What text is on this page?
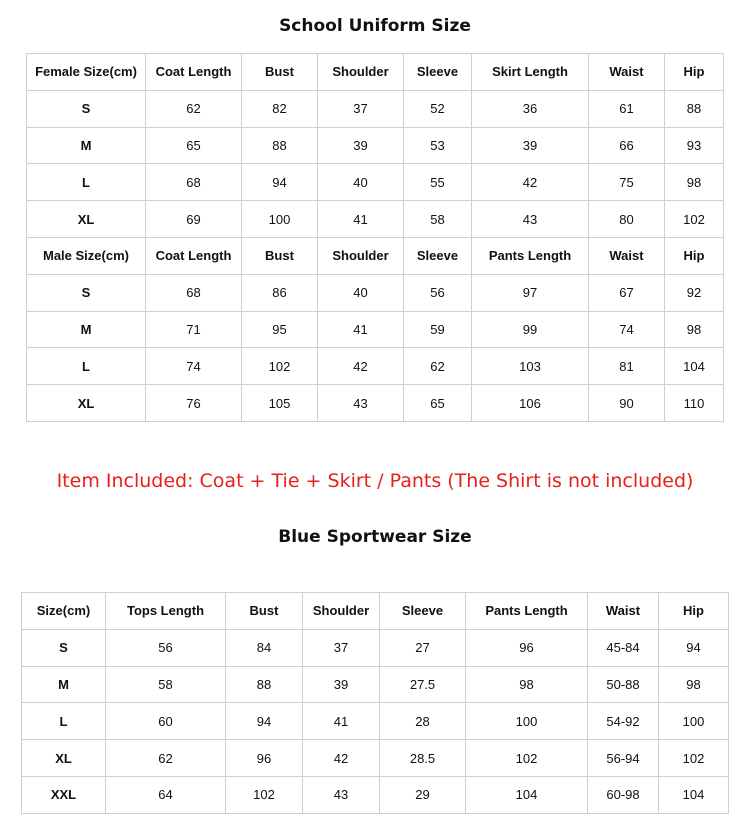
School Uniform Size
Female Size(cm)	Coat Length	Bust	Shoulder	Sleeve	Skirt Length	Waist	Hip
S	62	82	37	52	36	61	88
M	65	88	39	53	39	66	93
L	68	94	40	55	42	75	98
XL	69	100	41	58	43	80	102
Male Size(cm)	Coat Length	Bust	Shoulder	Sleeve	Pants Length	Waist	Hip
S	68	86	40	56	97	67	92
M	71	95	41	59	99	74	98
L	74	102	42	62	103	81	104
XL	76	105	43	65	106	90	110
Item Included: Coat + Tie + Skirt / Pants (The Shirt is not included)
Blue Sportwear Size
Size(cm)	Tops Length	Bust	Shoulder	Sleeve	Pants Length	Waist	Hip
S	56	84	37	27	96	45-84	94
M	58	88	39	27.5	98	50-88	98
L	60	94	41	28	100	54-92	100
XL	62	96	42	28.5	102	56-94	102
XXL	64	102	43	29	104	60-98	104
